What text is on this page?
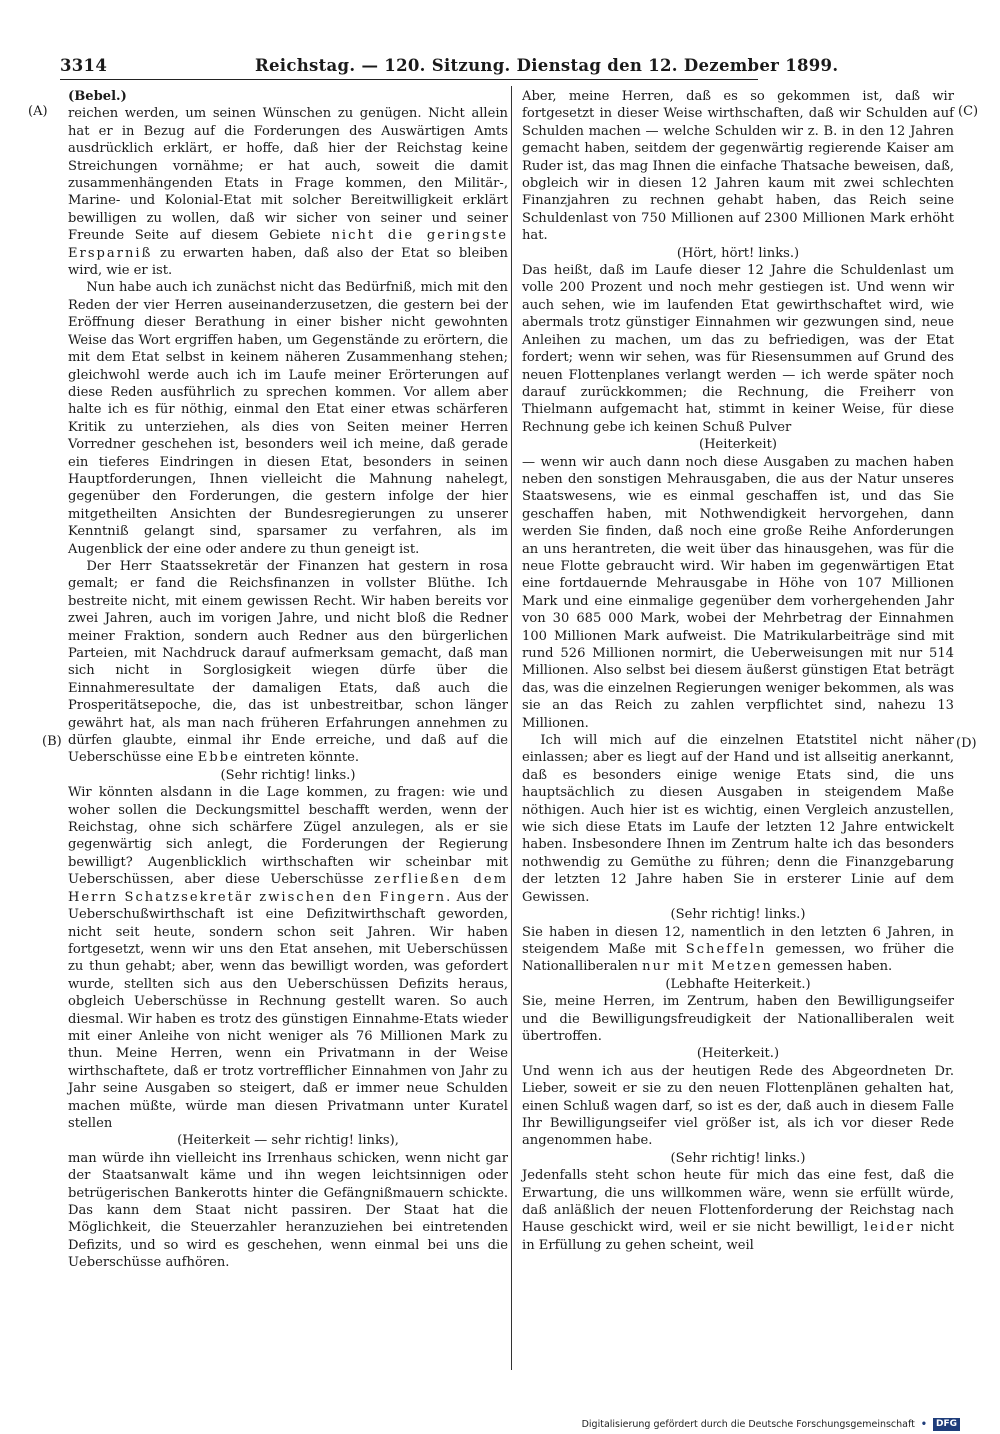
3314	Reichstag. — 120. Sitzung. Dienstag den 12. Dezember 1899.
(A)
(B)
(C)
(D)

(Bebel.)

reichen werden, um seinen Wünschen zu genügen. Nicht allein hat er in Bezug auf die Forderungen des Auswärtigen Amts ausdrücklich erklärt, er hoffe, daß hier der Reichstag keine Streichungen vornähme; er hat auch, soweit die damit zusammenhängenden Etats in Frage kommen, den Militär-, Marine- und Kolonial-Etat mit solcher Bereitwilligkeit erklärt bewilligen zu wollen, daß wir sicher von seiner und seiner Freunde Seite auf diesem Gebiete nicht die geringste Ersparniß zu erwarten haben, daß also der Etat so bleiben wird, wie er ist.

Nun habe auch ich zunächst nicht das Bedürfniß, mich mit den Reden der vier Herren auseinanderzusetzen, die gestern bei der Eröffnung dieser Berathung in einer bisher nicht gewohnten Weise das Wort ergriffen haben, um Gegenstände zu erörtern, die mit dem Etat selbst in keinem näheren Zusammenhang stehen; gleichwohl werde auch ich im Laufe meiner Erörterungen auf diese Reden ausführlich zu sprechen kommen. Vor allem aber halte ich es für nöthig, einmal den Etat einer etwas schärferen Kritik zu unterziehen, als dies von Seiten meiner Herren Vorredner geschehen ist, besonders weil ich meine, daß gerade ein tieferes Eindringen in diesen Etat, besonders in seinen Hauptforderungen, Ihnen vielleicht die Mahnung nahelegt, gegenüber den Forderungen, die gestern infolge der hier mitgetheilten Ansichten der Bundesregierungen zu unserer Kenntniß gelangt sind, sparsamer zu verfahren, als im Augenblick der eine oder andere zu thun geneigt ist.

Der Herr Staatssekretär der Finanzen hat gestern in rosa gemalt; er fand die Reichsfinanzen in vollster Blüthe. Ich bestreite nicht, mit einem gewissen Recht. Wir haben bereits vor zwei Jahren, auch im vorigen Jahre, und nicht bloß die Redner meiner Fraktion, sondern auch Redner aus den bürgerlichen Parteien, mit Nachdruck darauf aufmerksam gemacht, daß man sich nicht in Sorglosigkeit wiegen dürfe über die Einnahmeresultate der damaligen Etats, daß auch die Prosperitätsepoche, die, das ist unbestreitbar, schon länger gewährt hat, als man nach früheren Erfahrungen annehmen zu dürfen glaubte, einmal ihr Ende erreiche, und daß auf die Ueberschüsse eine Ebbe eintreten könnte.

(Sehr richtig! links.)

Wir könnten alsdann in die Lage kommen, zu fragen: wie und woher sollen die Deckungsmittel beschafft werden, wenn der Reichstag, ohne sich schärfere Zügel anzulegen, als er sie gegenwärtig sich anlegt, die Forderungen der Regierung bewilligt? Augenblicklich wirthschaften wir scheinbar mit Ueberschüssen, aber diese Ueberschüsse zerfließen dem Herrn Schatzsekretär zwischen den Fingern. Aus der Ueberschußwirthschaft ist eine Defizitwirthschaft geworden, nicht seit heute, sondern schon seit Jahren. Wir haben fortgesetzt, wenn wir uns den Etat ansehen, mit Ueberschüssen zu thun gehabt; aber, wenn das bewilligt worden, was gefordert wurde, stellten sich aus den Ueberschüssen Defizits heraus, obgleich Ueberschüsse in Rechnung gestellt waren. So auch diesmal. Wir haben es trotz des günstigen Einnahme-Etats wieder mit einer Anleihe von nicht weniger als 76 Millionen Mark zu thun. Meine Herren, wenn ein Privatmann in der Weise wirthschaftete, daß er trotz vortrefflicher Einnahmen von Jahr zu Jahr seine Ausgaben so steigert, daß er immer neue Schulden machen müßte, würde man diesen Privatmann unter Kuratel stellen

(Heiterkeit — sehr richtig! links),

man würde ihn vielleicht ins Irrenhaus schicken, wenn nicht gar der Staatsanwalt käme und ihn wegen leichtsinnigen oder betrügerischen Bankerotts hinter die Gefängnißmauern schickte. Das kann dem Staat nicht passiren. Der Staat hat die Möglichkeit, die Steuerzahler heranzuziehen bei eintretenden Defizits, und so wird es geschehen, wenn einmal bei uns die Ueberschüsse aufhören.

Aber, meine Herren, daß es so gekommen ist, daß wir fortgesetzt in dieser Weise wirthschaften, daß wir Schulden auf Schulden machen — welche Schulden wir z. B. in den 12 Jahren gemacht haben, seitdem der gegenwärtig regierende Kaiser am Ruder ist, das mag Ihnen die einfache Thatsache beweisen, daß, obgleich wir in diesen 12 Jahren kaum mit zwei schlechten Finanzjahren zu rechnen gehabt haben, das Reich seine Schuldenlast von 750 Millionen auf 2300 Millionen Mark erhöht hat.

(Hört, hört! links.)

Das heißt, daß im Laufe dieser 12 Jahre die Schuldenlast um volle 200 Prozent und noch mehr gestiegen ist. Und wenn wir auch sehen, wie im laufenden Etat gewirthschaftet wird, wie abermals trotz günstiger Einnahmen wir gezwungen sind, neue Anleihen zu machen, um das zu befriedigen, was der Etat fordert; wenn wir sehen, was für Riesensummen auf Grund des neuen Flottenplanes verlangt werden — ich werde später noch darauf zurückkommen; die Rechnung, die Freiherr von Thielmann aufgemacht hat, stimmt in keiner Weise, für diese Rechnung gebe ich keinen Schuß Pulver

(Heiterkeit)

— wenn wir auch dann noch diese Ausgaben zu machen haben neben den sonstigen Mehrausgaben, die aus der Natur unseres Staatswesens, wie es einmal geschaffen ist, und das Sie geschaffen haben, mit Nothwendigkeit hervorgehen, dann werden Sie finden, daß noch eine große Reihe Anforderungen an uns herantreten, die weit über das hinausgehen, was für die neue Flotte gebraucht wird. Wir haben im gegenwärtigen Etat eine fortdauernde Mehrausgabe in Höhe von 107 Millionen Mark und eine einmalige gegenüber dem vorhergehenden Jahr von 30 685 000 Mark, wobei der Mehrbetrag der Einnahmen 100 Millionen Mark aufweist. Die Matrikularbeiträge sind mit rund 526 Millionen normirt, die Ueberweisungen mit nur 514 Millionen. Also selbst bei diesem äußerst günstigen Etat beträgt das, was die einzelnen Regierungen weniger bekommen, als was sie an das Reich zu zahlen verpflichtet sind, nahezu 13 Millionen.

Ich will mich auf die einzelnen Etatstitel nicht näher einlassen; aber es liegt auf der Hand und ist allseitig anerkannt, daß es besonders einige wenige Etats sind, die uns hauptsächlich zu diesen Ausgaben in steigendem Maße nöthigen. Auch hier ist es wichtig, einen Vergleich anzustellen, wie sich diese Etats im Laufe der letzten 12 Jahre entwickelt haben. Insbesondere Ihnen im Zentrum halte ich das besonders nothwendig zu Gemüthe zu führen; denn die Finanzgebarung der letzten 12 Jahre haben Sie in ersterer Linie auf dem Gewissen.

(Sehr richtig! links.)

Sie haben in diesen 12, namentlich in den letzten 6 Jahren, in steigendem Maße mit Scheffeln gemessen, wo früher die Nationalliberalen nur mit Metzen gemessen haben.

(Lebhafte Heiterkeit.)

Sie, meine Herren, im Zentrum, haben den Bewilligungseifer und die Bewilligungsfreudigkeit der Nationalliberalen weit übertroffen.

(Heiterkeit.)

Und wenn ich aus der heutigen Rede des Abgeordneten Dr. Lieber, soweit er sie zu den neuen Flottenplänen gehalten hat, einen Schluß wagen darf, so ist es der, daß auch in diesem Falle Ihr Bewilligungseifer viel größer ist, als ich vor dieser Rede angenommen habe.

(Sehr richtig! links.)

Jedenfalls steht schon heute für mich das eine fest, daß die Erwartung, die uns willkommen wäre, wenn sie erfüllt würde, daß anläßlich der neuen Flottenforderung der Reichstag nach Hause geschickt wird, weil er sie nicht bewilligt, leider nicht in Erfüllung zu gehen scheint, weil

Digitalisierung gefördert durch die Deutsche Forschungsgemeinschaft •	DFG
